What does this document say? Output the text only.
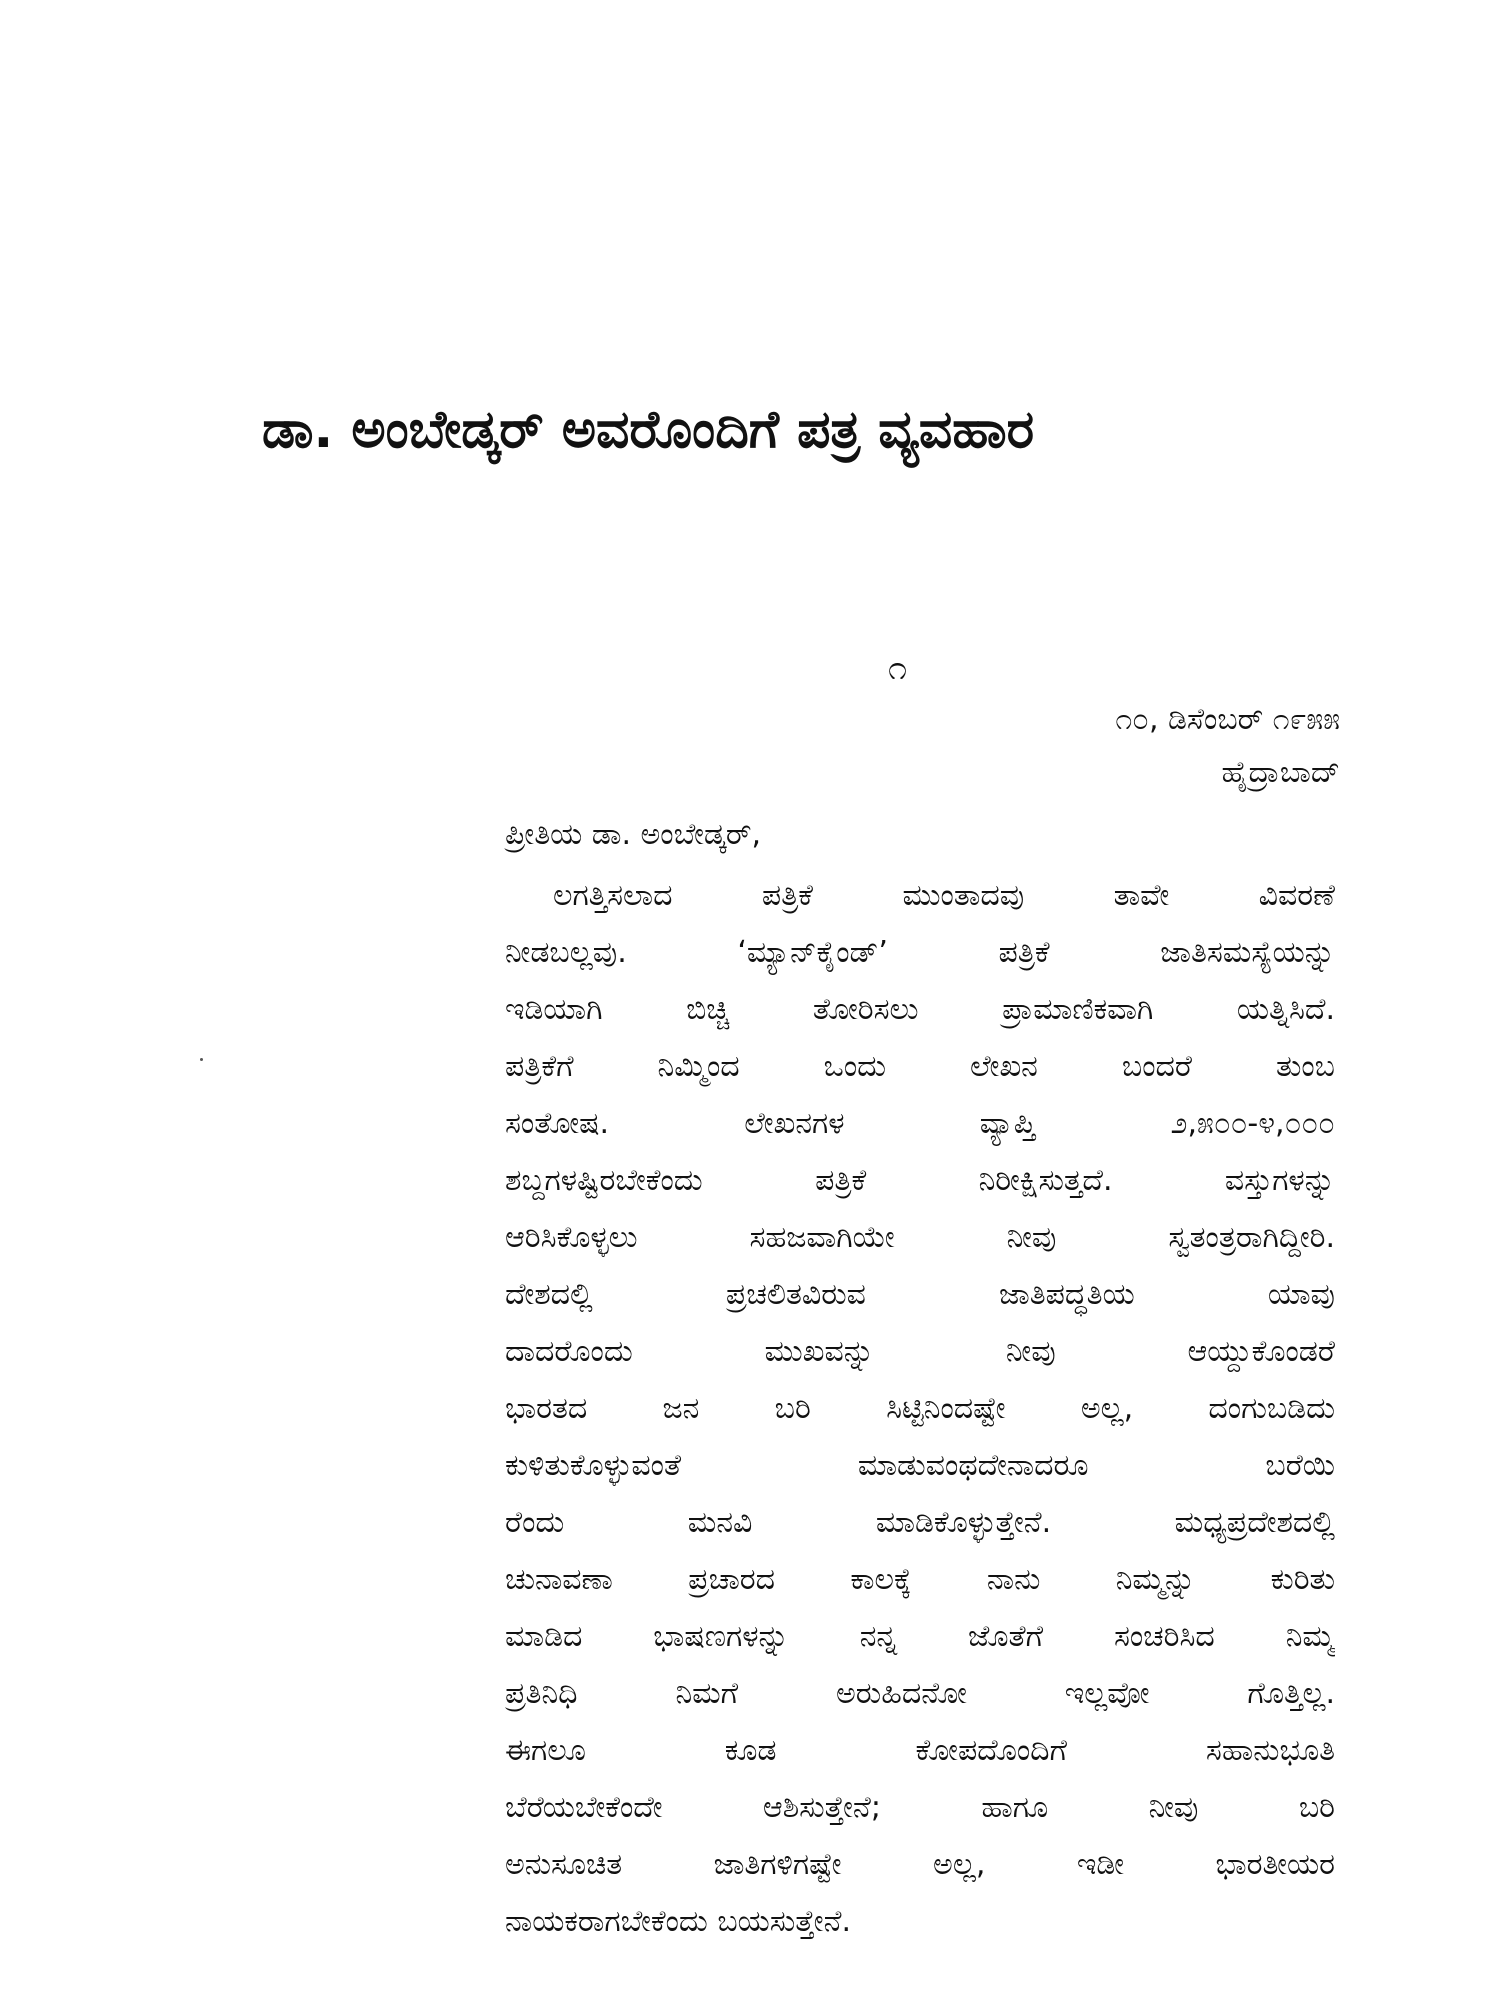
ಡಾ. ಅಂಬೇಡ್ಕರ್ ಅವರೊಂದಿಗೆ ಪತ್ರ ವ್ಯವಹಾರ
೧
೧೦, ಡಿಸೆಂಬರ್ ೧೯೫೫
ಹೈದ್ರಾಬಾದ್
ಪ್ರೀತಿಯ ಡಾ. ಅಂಬೇಡ್ಕರ್,
ಲಗತ್ತಿಸಲಾದ ಪತ್ರಿಕೆ ಮುಂತಾದವು ತಾವೇ ವಿವರಣೆ
ನೀಡಬಲ್ಲವು. ‘ಮ್ಯಾನ್‌ಕೈಂಡ್’ ಪತ್ರಿಕೆ ಜಾತಿಸಮಸ್ಯೆಯನ್ನು
ಇಡಿಯಾಗಿ ಬಿಚ್ಚಿ ತೋರಿಸಲು ಪ್ರಾಮಾಣಿಕವಾಗಿ ಯತ್ನಿಸಿದೆ.
ಪತ್ರಿಕೆಗೆ ನಿಮ್ಮಿಂದ ಒಂದು ಲೇಖನ ಬಂದರೆ ತುಂಬ
ಸಂತೋಷ. ಲೇಖನಗಳ ವ್ಯಾಪ್ತಿ ೨,೫೦೦-೪,೦೦೦
ಶಬ್ದಗಳಷ್ಟಿರಬೇಕೆಂದು ಪತ್ರಿಕೆ ನಿರೀಕ್ಷಿಸುತ್ತದೆ. ವಸ್ತುಗಳನ್ನು
ಆರಿಸಿಕೊಳ್ಳಲು ಸಹಜವಾಗಿಯೇ ನೀವು ಸ್ವತಂತ್ರರಾಗಿದ್ದೀರಿ.
ದೇಶದಲ್ಲಿ ಪ್ರಚಲಿತವಿರುವ ಜಾತಿಪದ್ಧತಿಯ ಯಾವು
ದಾದರೊಂದು ಮುಖವನ್ನು ನೀವು ಆಯ್ದುಕೊಂಡರೆ
ಭಾರತದ ಜನ ಬರಿ ಸಿಟ್ಟಿನಿಂದಷ್ಟೇ ಅಲ್ಲ, ದಂಗುಬಡಿದು
ಕುಳಿತುಕೊಳ್ಳುವಂತೆ ಮಾಡುವಂಥದೇನಾದರೂ ಬರೆಯಿ
ರೆಂದು ಮನವಿ ಮಾಡಿಕೊಳ್ಳುತ್ತೇನೆ. ಮಧ್ಯಪ್ರದೇಶದಲ್ಲಿ
ಚುನಾವಣಾ ಪ್ರಚಾರದ ಕಾಲಕ್ಕೆ ನಾನು ನಿಮ್ಮನ್ನು ಕುರಿತು
ಮಾಡಿದ ಭಾಷಣಗಳನ್ನು ನನ್ನ ಜೊತೆಗೆ ಸಂಚರಿಸಿದ ನಿಮ್ಮ
ಪ್ರತಿನಿಧಿ ನಿಮಗೆ ಅರುಹಿದನೋ ಇಲ್ಲವೋ ಗೊತ್ತಿಲ್ಲ.
ಈಗಲೂ ಕೂಡ ಕೋಪದೊಂದಿಗೆ ಸಹಾನುಭೂತಿ
ಬೆರೆಯಬೇಕೆಂದೇ ಆಶಿಸುತ್ತೇನೆ; ಹಾಗೂ ನೀವು ಬರಿ
ಅನುಸೂಚಿತ ಜಾತಿಗಳಿಗಷ್ಟೇ ಅಲ್ಲ, ಇಡೀ ಭಾರತೀಯರ
ನಾಯಕರಾಗಬೇಕೆಂದು ಬಯಸುತ್ತೇನೆ.
